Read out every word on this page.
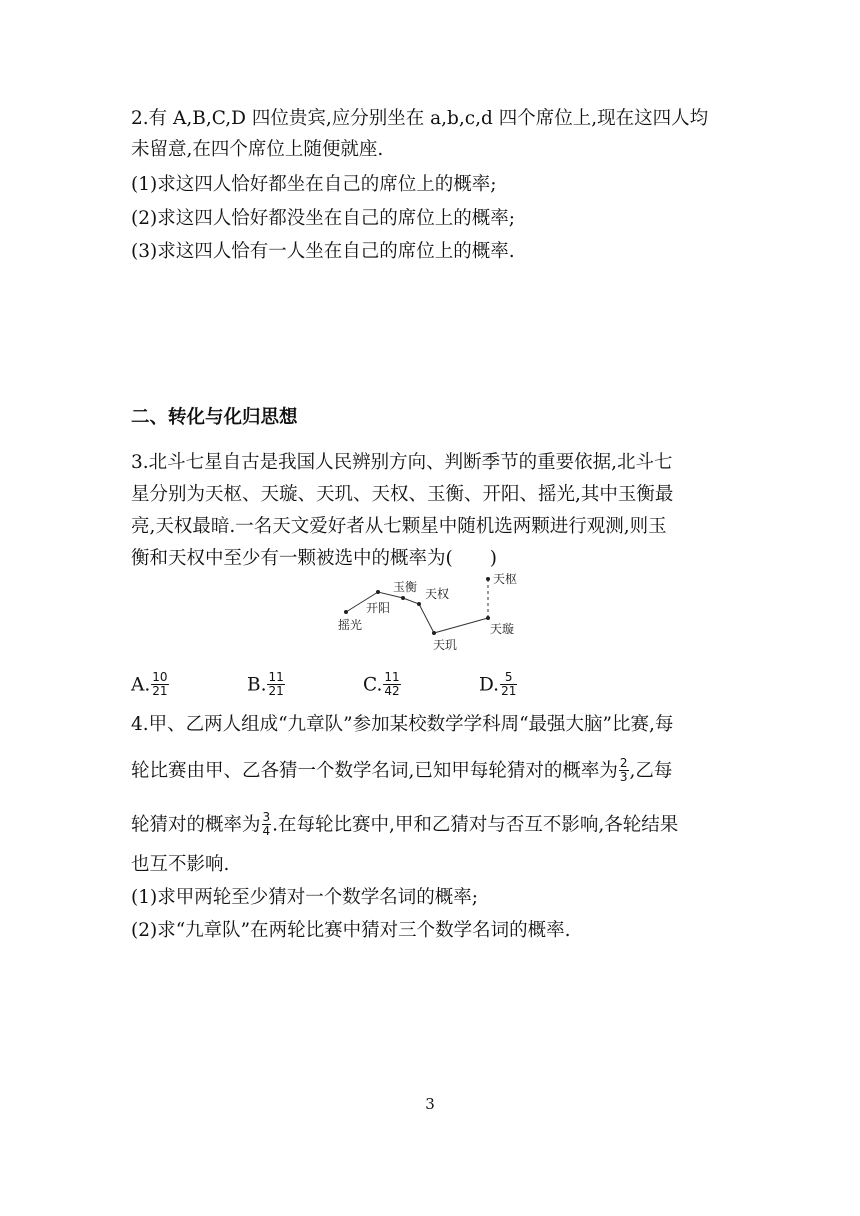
2.有 A,B,C,D 四位贵宾,应分别坐在 a,b,c,d 四个席位上,现在这四人均
未留意,在四个席位上随便就座.
(1)求这四人恰好都坐在自己的席位上的概率;
(2)求这四人恰好都没坐在自己的席位上的概率;
(3)求这四人恰有一人坐在自己的席位上的概率.
二、转化与化归思想
3.北斗七星自古是我国人民辨别方向、判断季节的重要依据,北斗七
星分别为天枢、天璇、天玑、天权、玉衡、开阳、摇光,其中玉衡最
亮,天权最暗.一名天文爱好者从七颗星中随机选两颗进行观测,则玉
衡和天权中至少有一颗被选中的概率为(　　)
摇光
开阳
玉衡 天权
天玑
天璇
天枢
A. $\frac{10}{21}$	B. $\frac{11}{21}$	C. $\frac{11}{42}$	D. $\frac{5}{21}$
4.甲、乙两人组成“九章队”参加某校数学学科周“最强大脑”比赛,每
轮比赛由甲、乙各猜一个数学名词,已知甲每轮猜对的概率为 $\frac{2}{3}$ ,乙每
轮猜对的概率为 $\frac{3}{4}$ .在每轮比赛中,甲和乙猜对与否互不影响,各轮结果
也互不影响.
(1)求甲两轮至少猜对一个数学名词的概率;
(2)求“九章队”在两轮比赛中猜对三个数学名词的概率.
3
